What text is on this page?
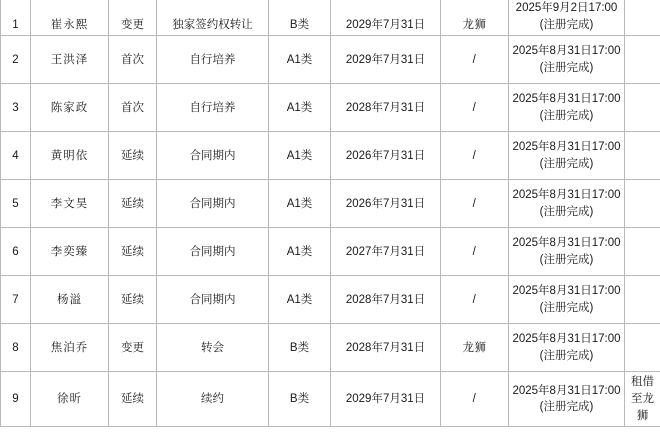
1	崔永熙	变更	独家签约权转让	B类	2029年7月31日	龙狮	2025年9月2日17:00
(注册完成)	

2	王洪泽	首次	自行培养	A1类	2029年7月31日	/	2025年8月31日17:00
(注册完成)	

3	陈家政	首次	自行培养	A1类	2028年7月31日	/	2025年8月31日17:00
(注册完成)	

4	黄明依	延续	合同期内	A1类	2026年7月31日	/	2025年8月31日17:00
(注册完成)	

5	李文昊	延续	合同期内	A1类	2026年7月31日	/	2025年8月31日17:00
(注册完成)	

6	李奕臻	延续	合同期内	A1类	2027年7月31日	/	2025年8月31日17:00
(注册完成)	

7	杨溢	延续	合同期内	A1类	2028年7月31日	/	2025年8月31日17:00
(注册完成)	

8	焦泊乔	变更	转会	B类	2028年7月31日	龙狮	2025年8月31日17:00
(注册完成)	

9	徐昕	延续	续约	B类	2029年7月31日	/	2025年8月31日17:00
(注册完成)	租借至龙狮
